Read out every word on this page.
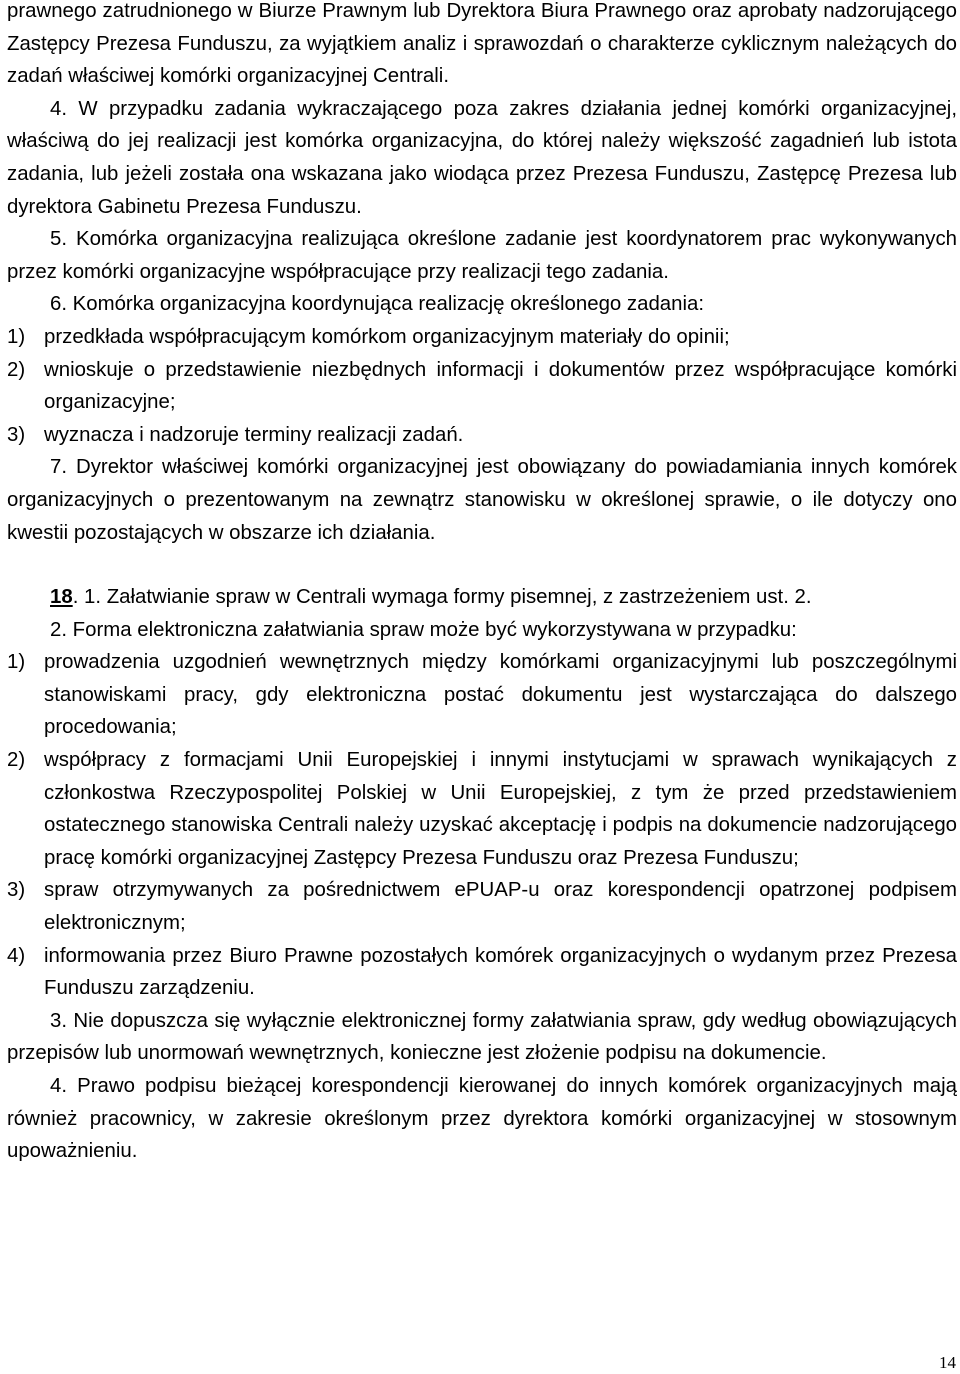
prawnego zatrudnionego w Biurze Prawnym lub Dyrektora Biura Prawnego oraz aprobaty nadzorującego Zastępcy Prezesa Funduszu, za wyjątkiem analiz i sprawozdań o charakterze cyklicznym należących do zadań właściwej komórki organizacyjnej Centrali.

4. W przypadku zadania wykraczającego poza zakres działania jednej komórki organizacyjnej, właściwą do jej realizacji jest komórka organizacyjna, do której należy większość zagadnień lub istota zadania, lub jeżeli została ona wskazana jako wiodąca przez Prezesa Funduszu, Zastępcę Prezesa lub dyrektora Gabinetu Prezesa Funduszu.

5. Komórka organizacyjna realizująca określone zadanie jest koordynatorem prac wykonywanych przez komórki organizacyjne współpracujące przy realizacji tego zadania.

6. Komórka organizacyjna koordynująca realizację określonego zadania:

1) przedkłada współpracującym komórkom organizacyjnym materiały do opinii;
2) wnioskuje o przedstawienie niezbędnych informacji i dokumentów przez współpracujące komórki organizacyjne;
3) wyznacza i nadzoruje terminy realizacji zadań.

7. Dyrektor właściwej komórki organizacyjnej jest obowiązany do powiadamiania innych komórek organizacyjnych o prezentowanym na zewnątrz stanowisku w określonej sprawie, o ile dotyczy ono kwestii pozostających w obszarze ich działania.

18. 1. Załatwianie spraw w Centrali wymaga formy pisemnej, z zastrzeżeniem ust. 2.

2. Forma elektroniczna załatwiania spraw może być wykorzystywana w przypadku:

1) prowadzenia uzgodnień wewnętrznych między komórkami organizacyjnymi lub poszczególnymi stanowiskami pracy, gdy elektroniczna postać dokumentu jest wystarczająca do dalszego procedowania;
2) współpracy z formacjami Unii Europejskiej i innymi instytucjami w sprawach wynikających z członkostwa Rzeczypospolitej Polskiej w Unii Europejskiej, z tym że przed przedstawieniem ostatecznego stanowiska Centrali należy uzyskać akceptację i podpis na dokumencie nadzorującego pracę komórki organizacyjnej Zastępcy Prezesa Funduszu oraz Prezesa Funduszu;
3) spraw otrzymywanych za pośrednictwem ePUAP-u oraz korespondencji opatrzonej podpisem elektronicznym;
4) informowania przez Biuro Prawne pozostałych komórek organizacyjnych o wydanym przez Prezesa Funduszu zarządzeniu.

3. Nie dopuszcza się wyłącznie elektronicznej formy załatwiania spraw, gdy według obowiązujących przepisów lub unormowań wewnętrznych, konieczne jest złożenie podpisu na dokumencie.

4. Prawo podpisu bieżącej korespondencji kierowanej do innych komórek organizacyjnych mają również pracownicy, w zakresie określonym przez dyrektora komórki organizacyjnej w stosownym upoważnieniu.

14
